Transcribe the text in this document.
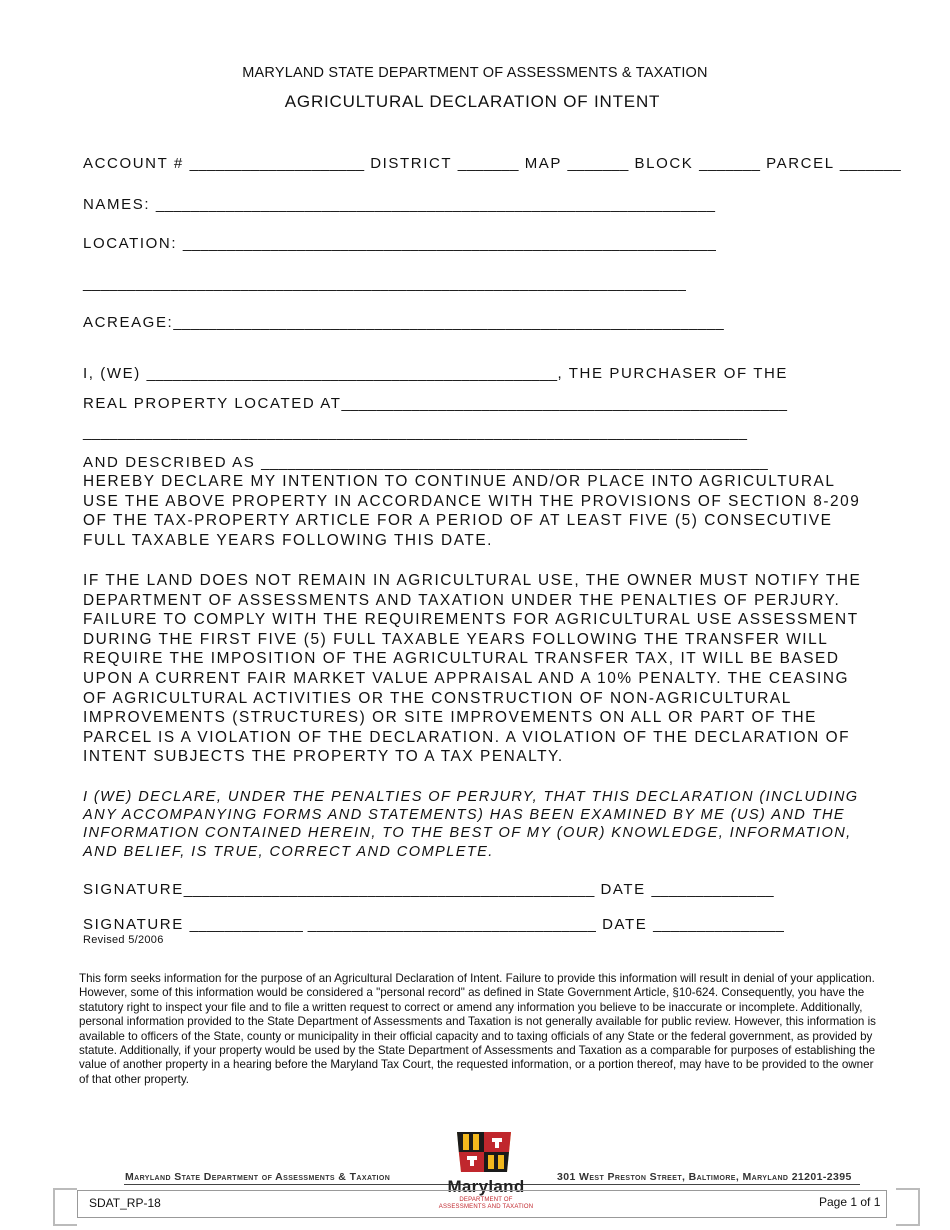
MARYLAND STATE DEPARTMENT OF ASSESSMENTS & TAXATION
AGRICULTURAL DECLARATION OF INTENT
ACCOUNT # ____________________ DISTRICT _______ MAP _______ BLOCK _______ PARCEL _______
NAMES: ________________________________________________________________
LOCATION: _____________________________________________________________
_____________________________________________________________________
ACREAGE:_______________________________________________________________
I, (WE) _______________________________________________, THE PURCHASER OF THE
REAL PROPERTY LOCATED AT___________________________________________________
____________________________________________________________________________
AND DESCRIBED AS __________________________________________________________
HEREBY DECLARE MY INTENTION TO CONTINUE AND/OR PLACE INTO AGRICULTURAL USE THE ABOVE PROPERTY IN ACCORDANCE WITH THE PROVISIONS OF SECTION 8-209 OF THE TAX-PROPERTY ARTICLE FOR A PERIOD OF AT LEAST FIVE (5) CONSECUTIVE FULL TAXABLE YEARS FOLLOWING THIS DATE.
IF THE LAND DOES NOT REMAIN IN AGRICULTURAL USE, THE OWNER MUST NOTIFY THE DEPARTMENT OF ASSESSMENTS AND TAXATION UNDER THE PENALTIES OF PERJURY. FAILURE TO COMPLY WITH THE REQUIREMENTS FOR AGRICULTURAL USE ASSESSMENT DURING THE FIRST FIVE (5) FULL TAXABLE YEARS FOLLOWING THE TRANSFER WILL REQUIRE THE IMPOSITION OF THE AGRICULTURAL TRANSFER TAX, IT WILL BE BASED UPON A CURRENT FAIR MARKET VALUE APPRAISAL AND A 10% PENALTY. THE CEASING OF AGRICULTURAL ACTIVITIES OR THE CONSTRUCTION OF NON-AGRICULTURAL IMPROVEMENTS (STRUCTURES) OR SITE IMPROVEMENTS ON ALL OR PART OF THE PARCEL IS A VIOLATION OF THE DECLARATION. A VIOLATION OF THE DECLARATION OF INTENT SUBJECTS THE PROPERTY TO A TAX PENALTY.
I (WE) DECLARE, UNDER THE PENALTIES OF PERJURY, THAT THIS DECLARATION (INCLUDING ANY ACCOMPANYING FORMS AND STATEMENTS) HAS BEEN EXAMINED BY ME (US) AND THE INFORMATION CONTAINED HEREIN, TO THE BEST OF MY (OUR) KNOWLEDGE, INFORMATION, AND BELIEF, IS TRUE, CORRECT AND COMPLETE.
SIGNATURE_______________________________________________ DATE ______________
SIGNATURE _____________ _________________________________ DATE _______________
Revised 5/2006
This form seeks information for the purpose of an Agricultural Declaration of Intent. Failure to provide this information will result in denial of your application. However, some of this information would be considered a "personal record" as defined in State Government Article, §10-624. Consequently, you have the statutory right to inspect your file and to file a written request to correct or amend any information you believe to be inaccurate or incomplete. Additionally, personal information provided to the State Department of Assessments and Taxation is not generally available for public review. However, this information is available to officers of the State, county or municipality in their official capacity and to taxing officials of any State or the federal government, as provided by statute. Additionally, if your property would be used by the State Department of Assessments and Taxation as a comparable for purposes of establishing the value of another property in a hearing before the Maryland Tax Court, the requested information, or a portion thereof, may have to be provided to the owner of that other property.
Maryland State Department of Assessments & Taxation	301 West Preston Street, Baltimore, Maryland 21201-2395
Maryland
DEPARTMENT OF
ASSESSMENTS AND TAXATION
SDAT_RP-18	Page 1 of 1
